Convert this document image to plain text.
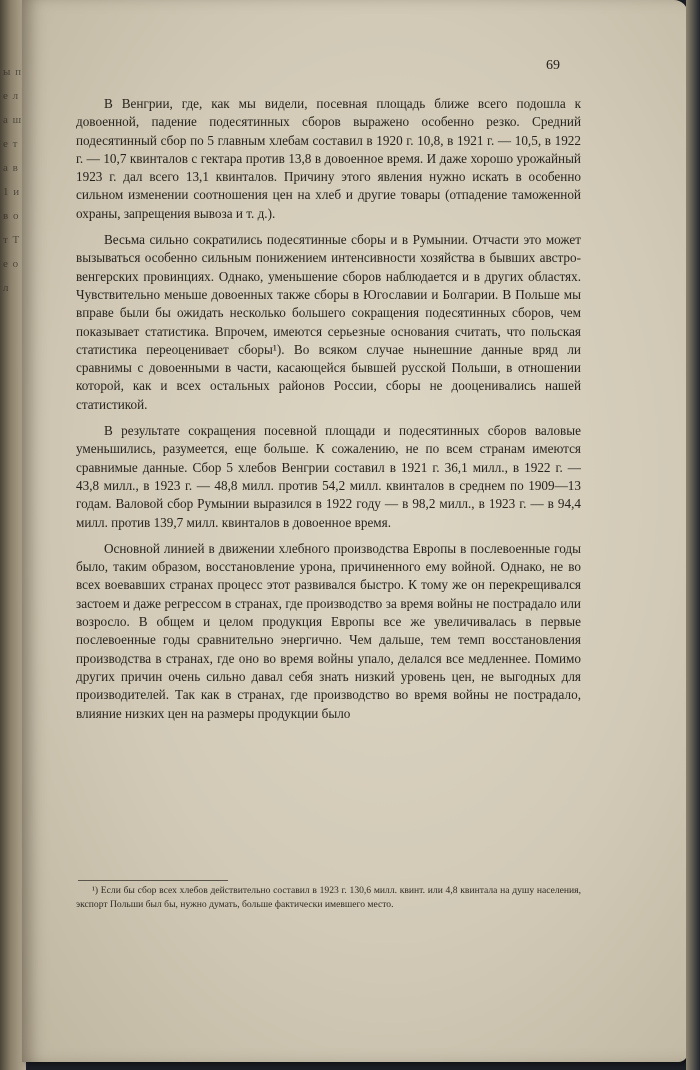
ы п е л а ш е т а в 1 и в о т Т е о л
69

В Венгрии, где, как мы видели, посевная площадь ближе всего подошла к довоенной, падение подесятинных сборов выражено особенно резко. Средний подесятинный сбор по 5 главным хлебам составил в 1920 г. 10,8, в 1921 г. — 10,5, в 1922 г. — 10,7 квинталов с гектара против 13,8 в довоенное время. И даже хорошо урожайный 1923 г. дал всего 13,1 квинталов. Причину этого явления нужно искать в особенно сильном изменении соотношения цен на хлеб и другие товары (отпадение таможенной охраны, запрещения вывоза и т. д.).

Весьма сильно сократились подесятинные сборы и в Румынии. Отчасти это может вызываться особенно сильным понижением интенсивности хозяйства в бывших австро-венгерских провинциях. Однако, уменьшение сборов наблюдается и в других областях. Чувствительно меньше довоенных также сборы в Югославии и Болгарии. В Польше мы вправе были бы ожидать несколько большего сокращения подесятинных сборов, чем показывает статистика. Впрочем, имеются серьезные основания считать, что польская статистика переоценивает сборы¹). Во всяком случае нынешние данные вряд ли сравнимы с довоенными в части, касающейся бывшей русской Польши, в отношении которой, как и всех остальных районов России, сборы не дооценивались нашей статистикой.

В результате сокращения посевной площади и подесятинных сборов валовые уменьшились, разумеется, еще больше. К сожалению, не по всем странам имеются сравнимые данные. Сбор 5 хлебов Венгрии составил в 1921 г. 36,1 милл., в 1922 г. — 43,8 милл., в 1923 г. — 48,8 милл. против 54,2 милл. квинталов в среднем по 1909—13 годам. Валовой сбор Румынии выразился в 1922 году — в 98,2 милл., в 1923 г. — в 94,4 милл. против 139,7 милл. квинталов в довоенное время.

Основной линией в движении хлебного производства Европы в послевоенные годы было, таким образом, восстановление урона, причиненного ему войной. Однако, не во всех воевавших странах процесс этот развивался быстро. К тому же он перекрещивался застоем и даже регрессом в странах, где производство за время войны не пострадало или возросло. В общем и целом продукция Европы все же увеличивалась в первые послевоенные годы сравнительно энергично. Чем дальше, тем темп восстановления производства в странах, где оно во время войны упало, делался все медленнее. Помимо других причин очень сильно давал себя знать низкий уровень цен, не выгодных для производителей. Так как в странах, где производство во время войны не пострадало, влияние низких цен на размеры продукции было

¹) Если бы сбор всех хлебов действительно составил в 1923 г. 130,6 милл. квинт. или 4,8 квинтала на душу населения, экспорт Польши был бы, нужно думать, больше фактически имевшего место.
